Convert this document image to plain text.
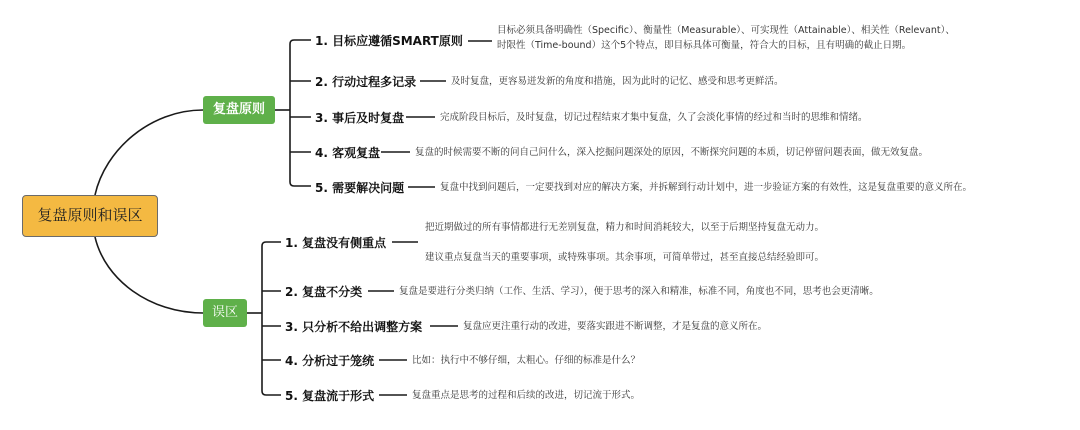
复盘原则和误区
复盘原则
误区
1. 目标应遵循SMART原则
目标必须具备明确性（Specific）、衡量性（Measurable）、可实现性（Attainable）、相关性（Relevant）、
时限性（Time-bound）这个5个特点，即目标具体可衡量，符合大的目标，且有明确的截止日期。
2. 行动过程多记录	及时复盘，更容易迸发新的角度和措施，因为此时的记忆、感受和思考更鲜活。
3. 事后及时复盘	完成阶段目标后，及时复盘，切记过程结束才集中复盘，久了会淡化事情的经过和当时的思维和情绪。
4. 客观复盘	复盘的时候需要不断的问自己问什么，深入挖掘问题深处的原因，不断探究问题的本质，切记停留问题表面，做无效复盘。
5. 需要解决问题	复盘中找到问题后，一定要找到对应的解决方案，并拆解到行动计划中，进一步验证方案的有效性，这是复盘重要的意义所在。
1. 复盘没有侧重点
把近期做过的所有事情都进行无差别复盘，精力和时间消耗较大，以至于后期坚持复盘无动力。
建议重点复盘当天的重要事项，或特殊事项。其余事项，可简单带过，甚至直接总结经验即可。
2. 复盘不分类	复盘是要进行分类归纳（工作、生活、学习），便于思考的深入和精准，标准不同，角度也不同，思考也会更清晰。
3. 只分析不给出调整方案	复盘应更注重行动的改进，要落实跟进不断调整，才是复盘的意义所在。
4. 分析过于笼统	比如：执行中不够仔细，太粗心。仔细的标准是什么？
5. 复盘流于形式	复盘重点是思考的过程和后续的改进，切记流于形式。
